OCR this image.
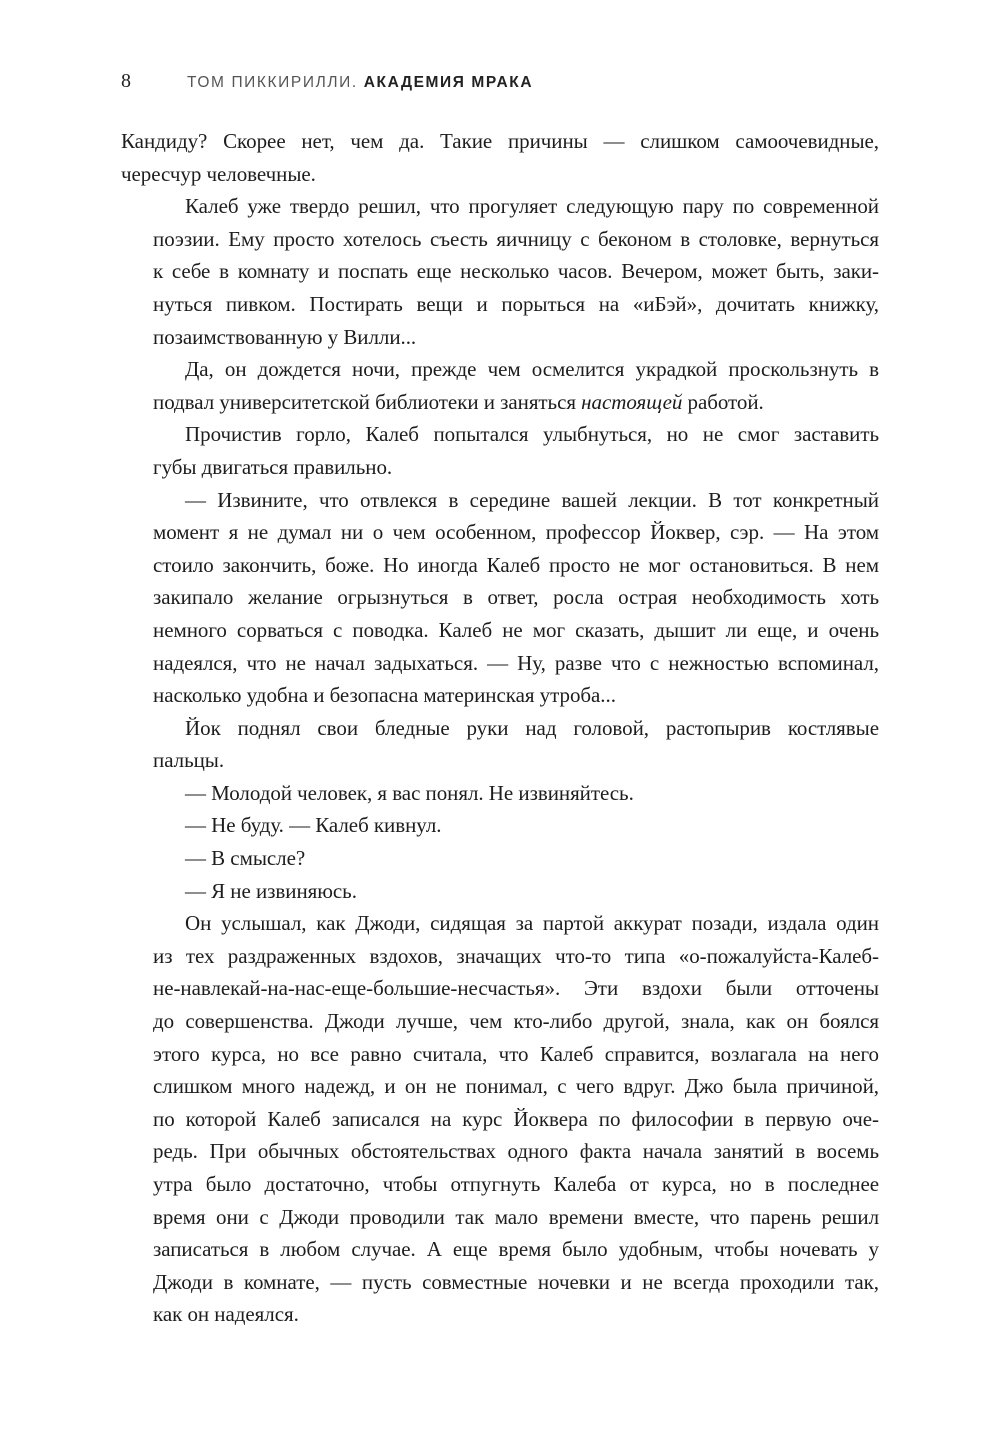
8	ТОМ ПИККИРИЛЛИ. АКАДЕМИЯ МРАКА

Кандиду? Скорее нет, чем да. Такие причины — слишком самоочевидные,
чересчур человечные.

Калеб уже твердо решил, что прогуляет следующую пару по современной
поэзии. Ему просто хотелось съесть яичницу с беконом в столовке, вернуться
к себе в комнату и поспать еще несколько часов. Вечером, может быть, заки-
нуться пивком. Постирать вещи и порыться на «иБэй», дочитать книжку,
позаимствованную у Вилли...

Да, он дождется ночи, прежде чем осмелится украдкой проскользнуть в
подвал университетской библиотеки и заняться настоящей работой.

Прочистив горло, Калеб попытался улыбнуться, но не смог заставить
губы двигаться правильно.

— Извините, что отвлекся в середине вашей лекции. В тот конкретный
момент я не думал ни о чем особенном, профессор Йоквер, сэр. — На этом
стоило закончить, боже. Но иногда Калеб просто не мог остановиться. В нем
закипало желание огрызнуться в ответ, росла острая необходимость хоть
немного сорваться с поводка. Калеб не мог сказать, дышит ли еще, и очень
надеялся, что не начал задыхаться. — Ну, разве что с нежностью вспоминал,
насколько удобна и безопасна материнская утроба...

Йок поднял свои бледные руки над головой, растопырив костлявые
пальцы.

— Молодой человек, я вас понял. Не извиняйтесь.

— Не буду. — Калеб кивнул.

— В смысле?

— Я не извиняюсь.

Он услышал, как Джоди, сидящая за партой аккурат позади, издала один
из тех раздраженных вздохов, значащих что-то типа «о-пожалуйста-Калеб-
не-навлекай-на-нас-еще-большие-несчастья». Эти вздохи были отточены
до совершенства. Джоди лучше, чем кто-либо другой, знала, как он боялся
этого курса, но все равно считала, что Калеб справится, возлагала на него
слишком много надежд, и он не понимал, с чего вдруг. Джо была причиной,
по которой Калеб записался на курс Йоквера по философии в первую оче-
редь. При обычных обстоятельствах одного факта начала занятий в восемь
утра было достаточно, чтобы отпугнуть Калеба от курса, но в последнее
время они с Джоди проводили так мало времени вместе, что парень решил
записаться в любом случае. А еще время было удобным, чтобы ночевать у
Джоди в комнате, — пусть совместные ночевки и не всегда проходили так,
как он надеялся.
